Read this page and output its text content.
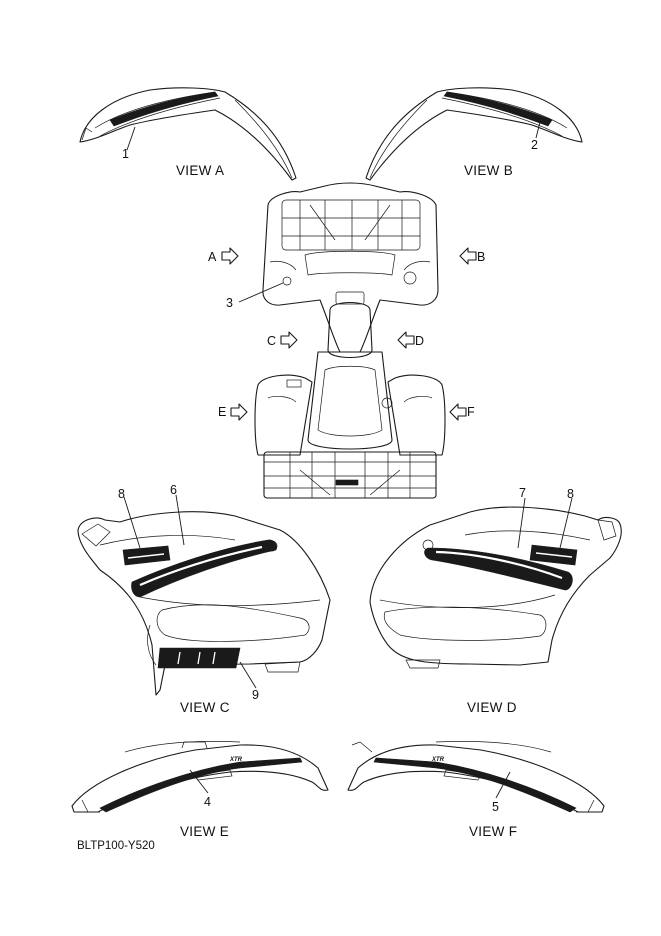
1
VIEW A
2
VIEW B
A	B
C	D
E	F
3
8	6
9
VIEW C
7	8
VIEW D
XTR
4
VIEW E
XTR
5
VIEW F
BLTP100-Y520
